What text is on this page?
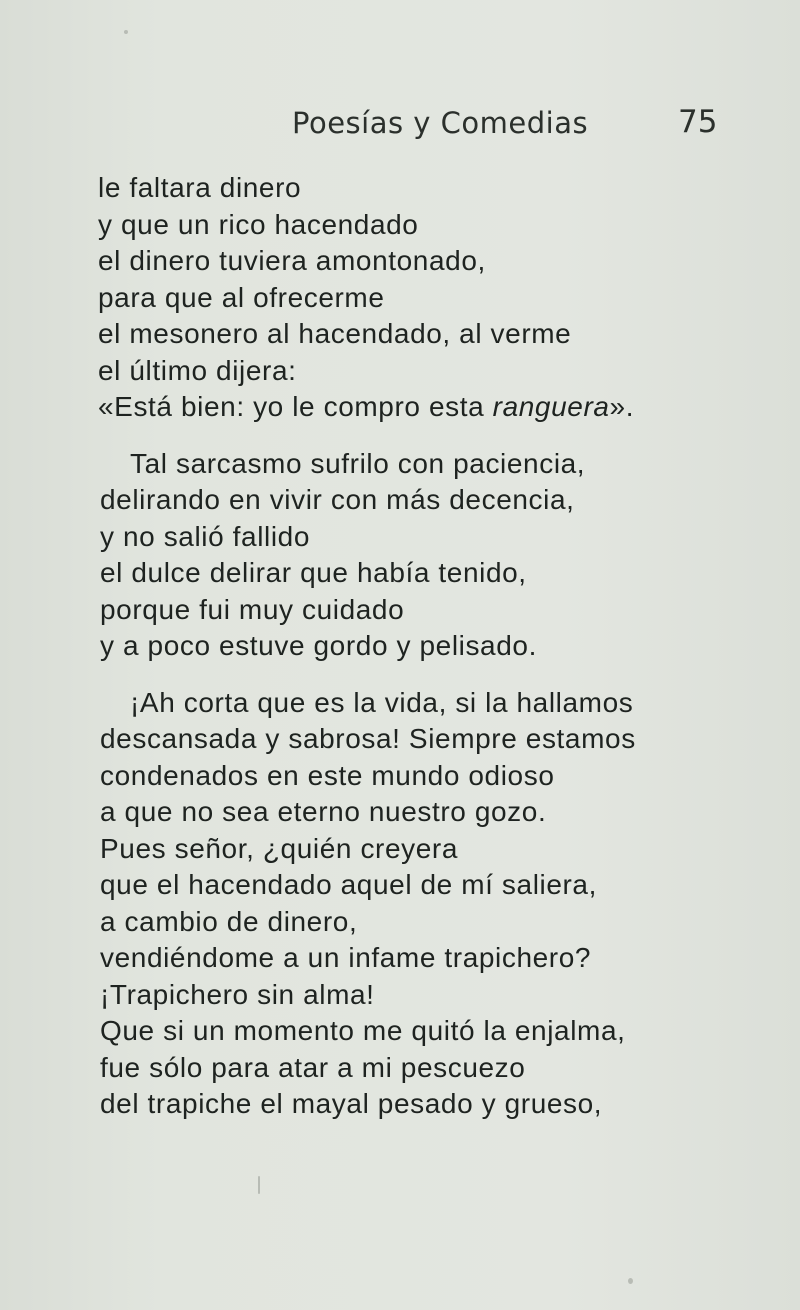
Poesías y Comedias	75
le faltara dinero
y que un rico hacendado
el dinero tuviera amontonado,
para que al ofrecerme
el mesonero al hacendado, al verme
el último dijera:
«Está bien: yo le compro esta ranguera».
Tal sarcasmo sufrilo con paciencia,
delirando en vivir con más decencia,
y no salió fallido
el dulce delirar que había tenido,
porque fui muy cuidado
y a poco estuve gordo y pelisado.
¡Ah corta que es la vida, si la hallamos
descansada y sabrosa! Siempre estamos
condenados en este mundo odioso
a que no sea eterno nuestro gozo.
Pues señor, ¿quién creyera
que el hacendado aquel de mí saliera,
a cambio de dinero,
vendiéndome a un infame trapichero?
¡Trapichero sin alma!
Que si un momento me quitó la enjalma,
fue sólo para atar a mi pescuezo
del trapiche el mayal pesado y grueso,
